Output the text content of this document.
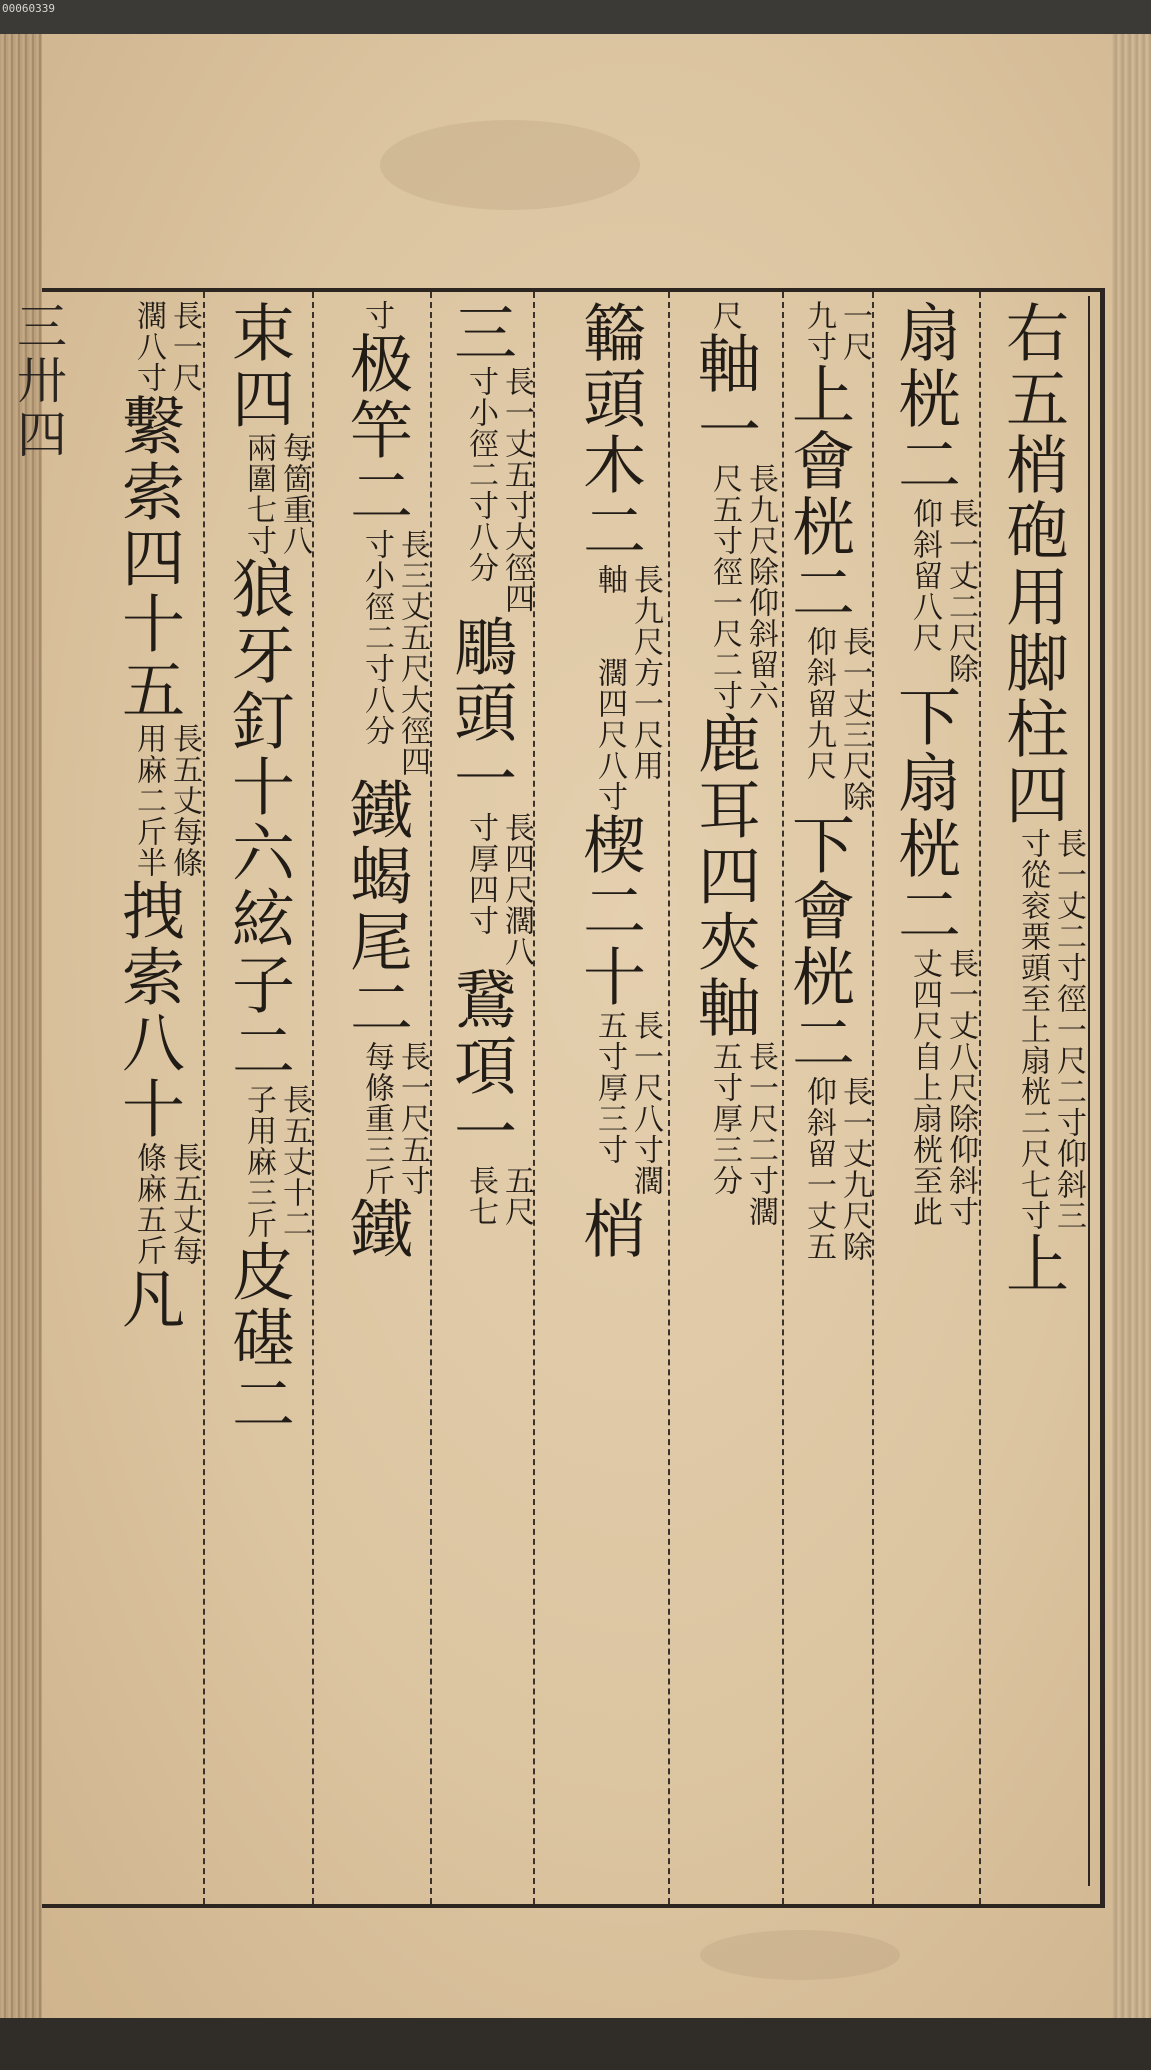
00060339
三卅四	右五梢砲用脚柱四
長一丈二寸徑一尺二寸仰斜三
寸從衮栗頭至上扇桄二尺七寸
上
扇桄二
長一丈二尺除
仰斜留八尺
下扇桄二
長一丈八尺除仰斜寸
丈四尺自上扇桄至此
一尺
九寸
上會桄二
長一丈三尺除
仰斜留九尺
下會桄二
長一丈九尺除
仰斜留一丈五
尺
軸一
長九尺除仰斜留六
尺五寸徑一尺二寸
鹿耳四夾軸
長一尺二寸濶
五寸厚三分
𥶡頭木二
長九尺
軸
方一尺用
濶四尺八寸
楔二十
長一尺八寸濶
五寸厚三寸
梢
三
長一丈五寸大徑四
寸小徑二寸八分
鵰頭一
長四尺濶八
寸厚四寸
鵞項一
五尺
長七
寸
极竿二
長三丈五尺大徑四
寸小徑二寸八分
鐵蝎尾二
長一尺五寸
每條重三斤
鐵
束四
每箇重八
兩圍七寸
狼牙釘十六絃子二
長五丈十二
子用麻三斤
皮𥕛二
長一尺
濶八寸
繫索四十五
長五丈每條
用麻二斤半
拽索八十
長五丈每
條麻五斤
凡
